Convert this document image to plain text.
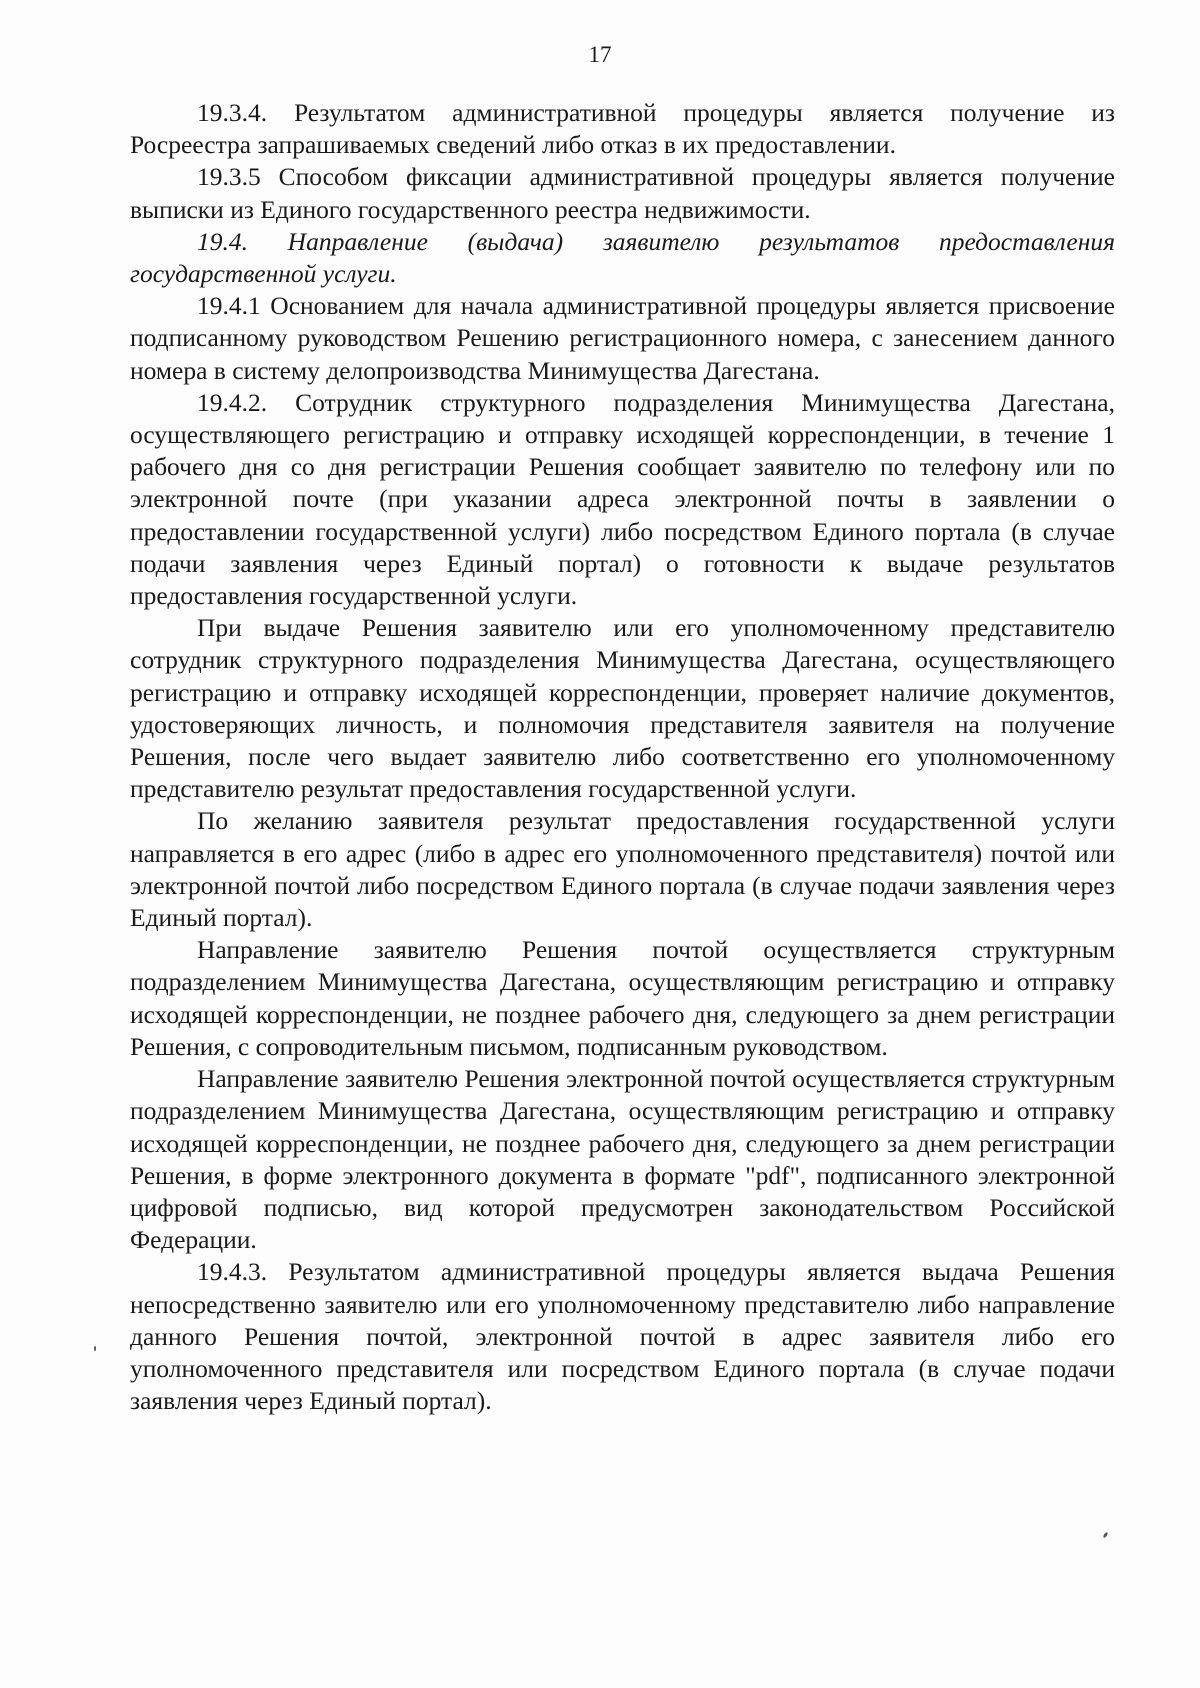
17

19.3.4. Результатом административной процедуры является получение из Росреестра запрашиваемых сведений либо отказ в их предоставлении.

19.3.5 Способом фиксации административной процедуры является получение выписки из Единого государственного реестра недвижимости.

19.4. Направление (выдача) заявителю результатов предоставления государственной услуги.

19.4.1 Основанием для начала административной процедуры является присвоение подписанному руководством Решению регистрационного номера, с занесением данного номера в систему делопроизводства Минимущества Дагестана.

19.4.2. Сотрудник структурного подразделения Минимущества Дагестана, осуществляющего регистрацию и отправку исходящей корреспонденции, в течение 1 рабочего дня со дня регистрации Решения сообщает заявителю по телефону или по электронной почте (при указании адреса электронной почты в заявлении о предоставлении государственной услуги) либо посредством Единого портала (в случае подачи заявления через Единый портал) о готовности к выдаче результатов предоставления государственной услуги.

При выдаче Решения заявителю или его уполномоченному представителю сотрудник структурного подразделения Минимущества Дагестана, осуществляющего регистрацию и отправку исходящей корреспонденции, проверяет наличие документов, удостоверяющих личность, и полномочия представителя заявителя на получение Решения, после чего выдает заявителю либо соответственно его уполномоченному представителю результат предоставления государственной услуги.

По желанию заявителя результат предоставления государственной услуги направляется в его адрес (либо в адрес его уполномоченного представителя) почтой или электронной почтой либо посредством Единого портала (в случае подачи заявления через Единый портал).

Направление заявителю Решения почтой осуществляется структурным подразделением Минимущества Дагестана, осуществляющим регистрацию и отправку исходящей корреспонденции, не позднее рабочего дня, следующего за днем регистрации Решения, с сопроводительным письмом, подписанным руководством.

Направление заявителю Решения электронной почтой осуществляется структурным подразделением Минимущества Дагестана, осуществляющим регистрацию и отправку исходящей корреспонденции, не позднее рабочего дня, следующего за днем регистрации Решения, в форме электронного документа в формате "pdf", подписанного электронной цифровой подписью, вид которой предусмотрен законодательством Российской Федерации.

19.4.3. Результатом административной процедуры является выдача Решения непосредственно заявителю или его уполномоченному представителю либо направление данного Решения почтой, электронной почтой в адрес заявителя либо его уполномоченного представителя или посредством Единого портала (в случае подачи заявления через Единый портал).
